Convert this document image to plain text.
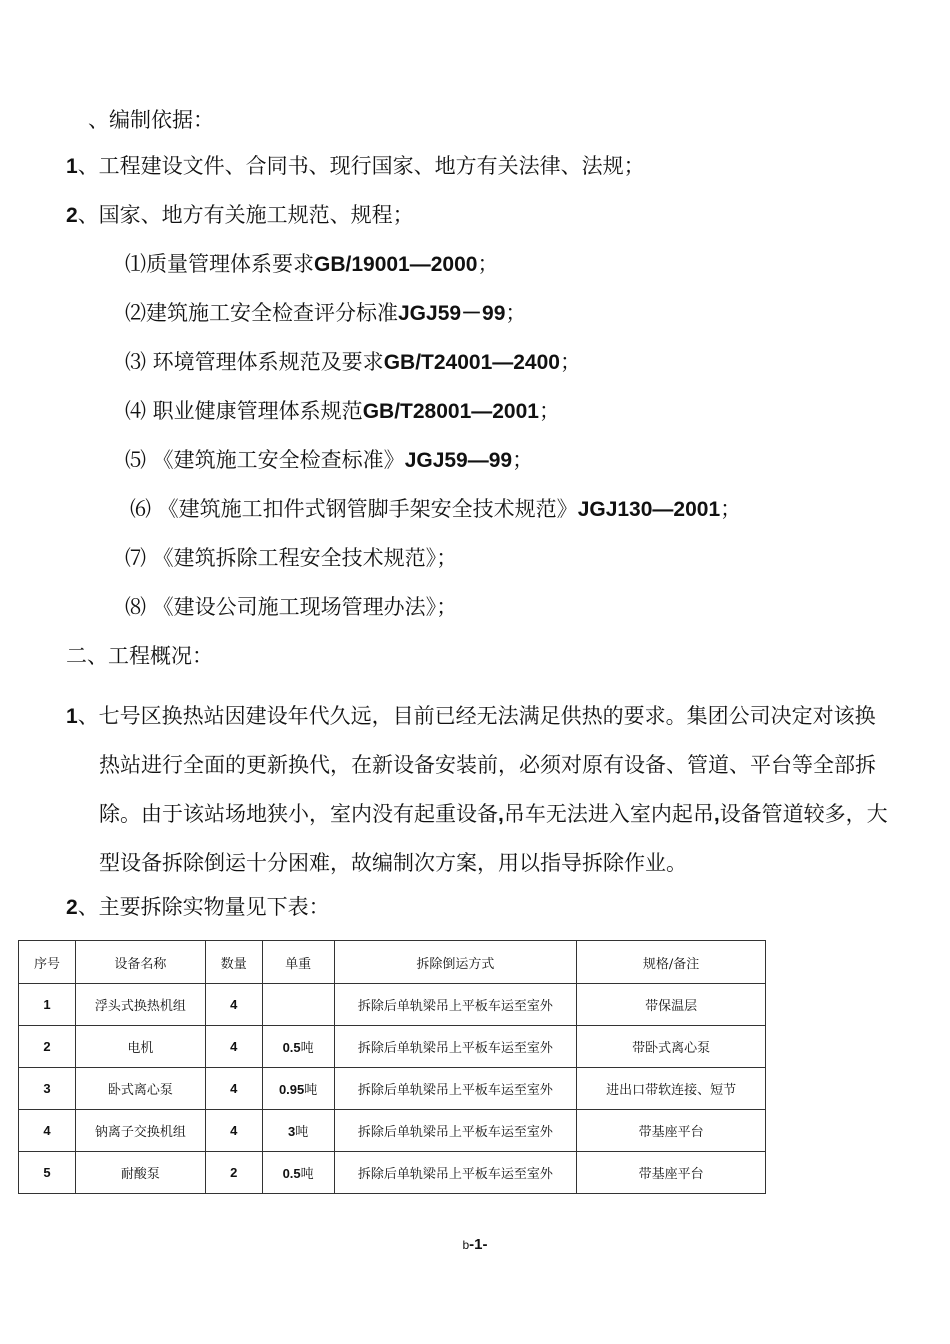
、编制依据：
1、工程建设文件、合同书、现行国家、地方有关法律、法规；
2、国家、地方有关施工规范、规程；
⑴质量管理体系要求GB/19001—2000；
⑵建筑施工安全检查评分标准JGJ59－99；
⑶ 环境管理体系规范及要求GB/T24001—2400；
⑷ 职业健康管理体系规范GB/T28001—2001；
⑸ 《建筑施工安全检查标准》JGJ59—99；
⑹ 《建筑施工扣件式钢管脚手架安全技术规范》JGJ130—2001；
⑺ 《建筑拆除工程安全技术规范》；
⑻ 《建设公司施工现场管理办法》；
二、工程概况：
1、七号区换热站因建设年代久远，目前已经无法满足供热的要求。集团公司决定对该换热站进行全面的更新换代，在新设备安装前，必须对原有设备、管道、平台等全部拆除。由于该站场地狭小，室内没有起重设备,吊车无法进入室内起吊,设备管道较多，大型设备拆除倒运十分困难，故编制次方案，用以指导拆除作业。
2、主要拆除实物量见下表：
序号	设备名称	数量	单重	拆除倒运方式	规格/备注
1	浮头式换热机组	4		拆除后单轨梁吊上平板车运至室外	带保温层
2	电机	4	0.5吨	拆除后单轨梁吊上平板车运至室外	带卧式离心泵
3	卧式离心泵	4	0.95吨	拆除后单轨梁吊上平板车运至室外	进出口带软连接、短节
4	钠离子交换机组	4	3吨	拆除后单轨梁吊上平板车运至室外	带基座平台
5	耐酸泵	2	0.5吨	拆除后单轨梁吊上平板车运至室外	带基座平台
b-1-
